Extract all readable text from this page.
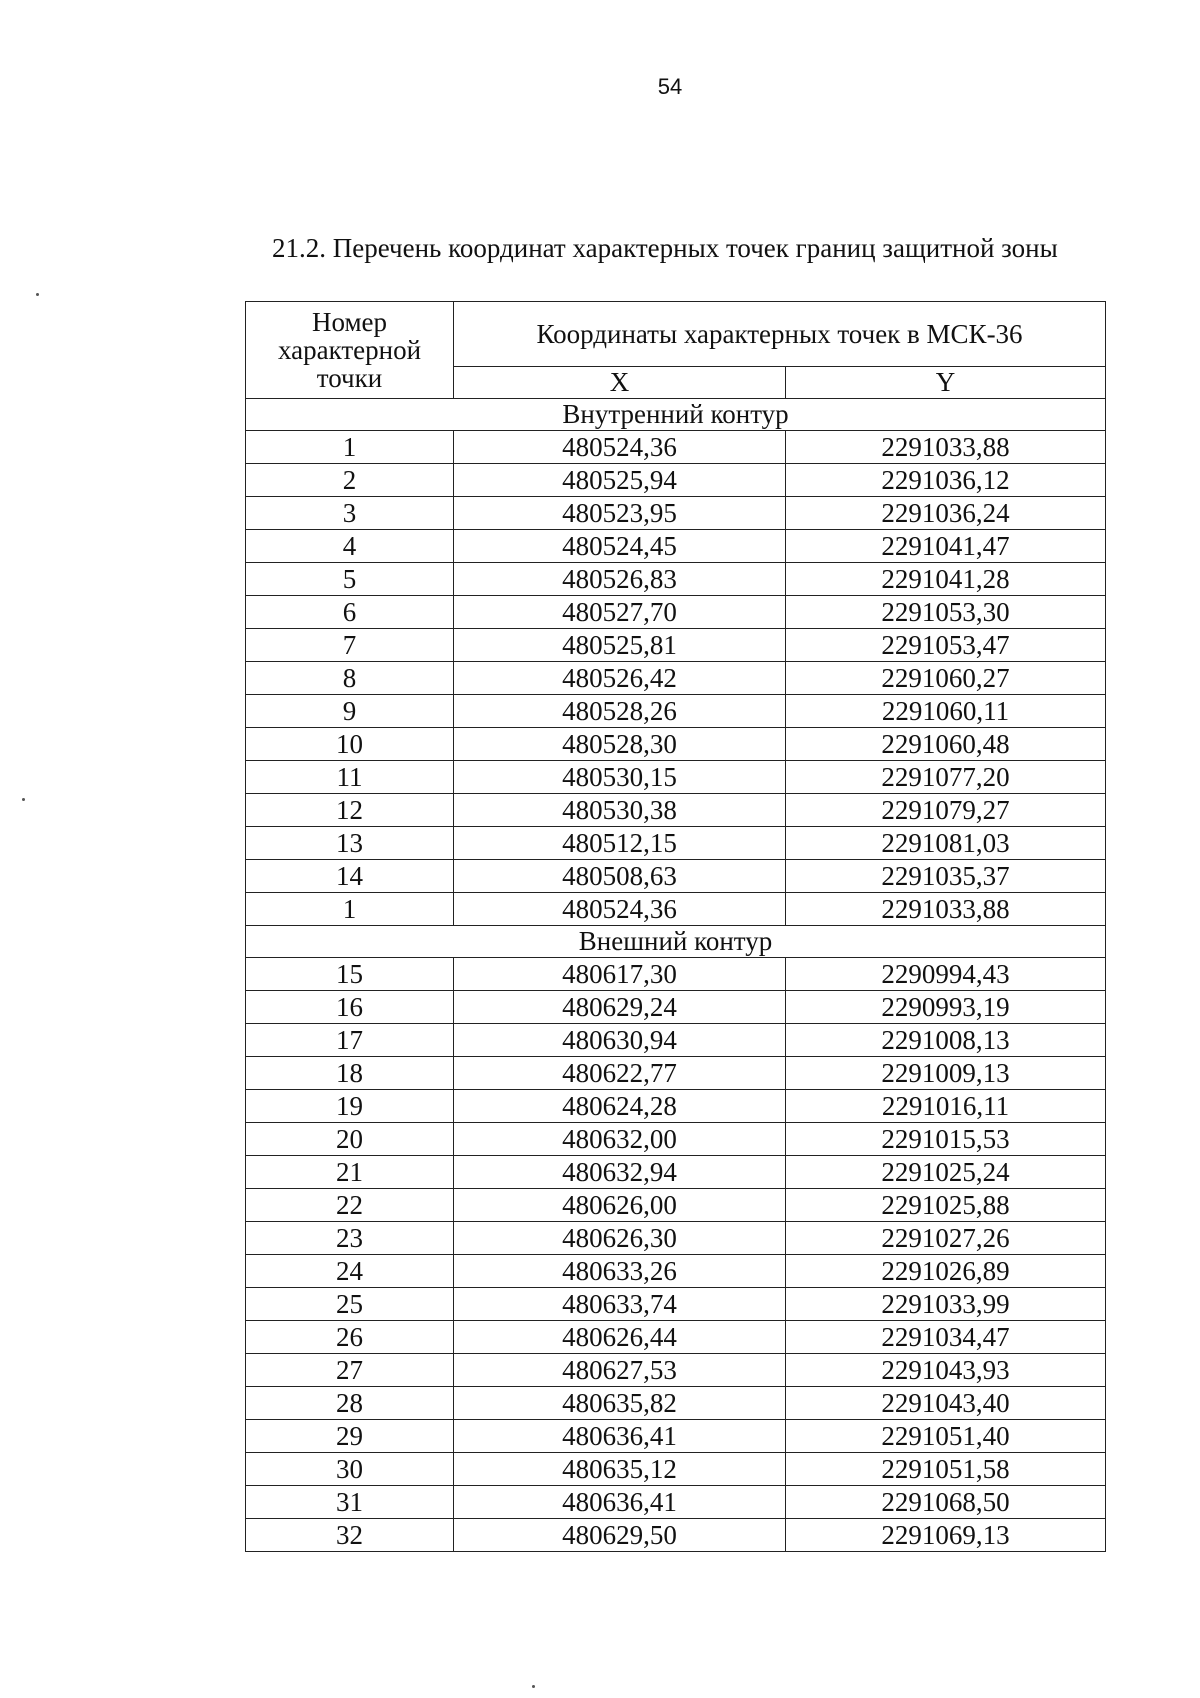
54
21.2. Перечень координат характерных точек границ защитной зоны
Номер характерной точки	Координаты характерных точек в МСК-36	
	X	Y
Внутренний контур		
1	480524,36	2291033,88
2	480525,94	2291036,12
3	480523,95	2291036,24
4	480524,45	2291041,47
5	480526,83	2291041,28
6	480527,70	2291053,30
7	480525,81	2291053,47
8	480526,42	2291060,27
9	480528,26	2291060,11
10	480528,30	2291060,48
11	480530,15	2291077,20
12	480530,38	2291079,27
13	480512,15	2291081,03
14	480508,63	2291035,37
1	480524,36	2291033,88
Внешний контур		
15	480617,30	2290994,43
16	480629,24	2290993,19
17	480630,94	2291008,13
18	480622,77	2291009,13
19	480624,28	2291016,11
20	480632,00	2291015,53
21	480632,94	2291025,24
22	480626,00	2291025,88
23	480626,30	2291027,26
24	480633,26	2291026,89
25	480633,74	2291033,99
26	480626,44	2291034,47
27	480627,53	2291043,93
28	480635,82	2291043,40
29	480636,41	2291051,40
30	480635,12	2291051,58
31	480636,41	2291068,50
32	480629,50	2291069,13
